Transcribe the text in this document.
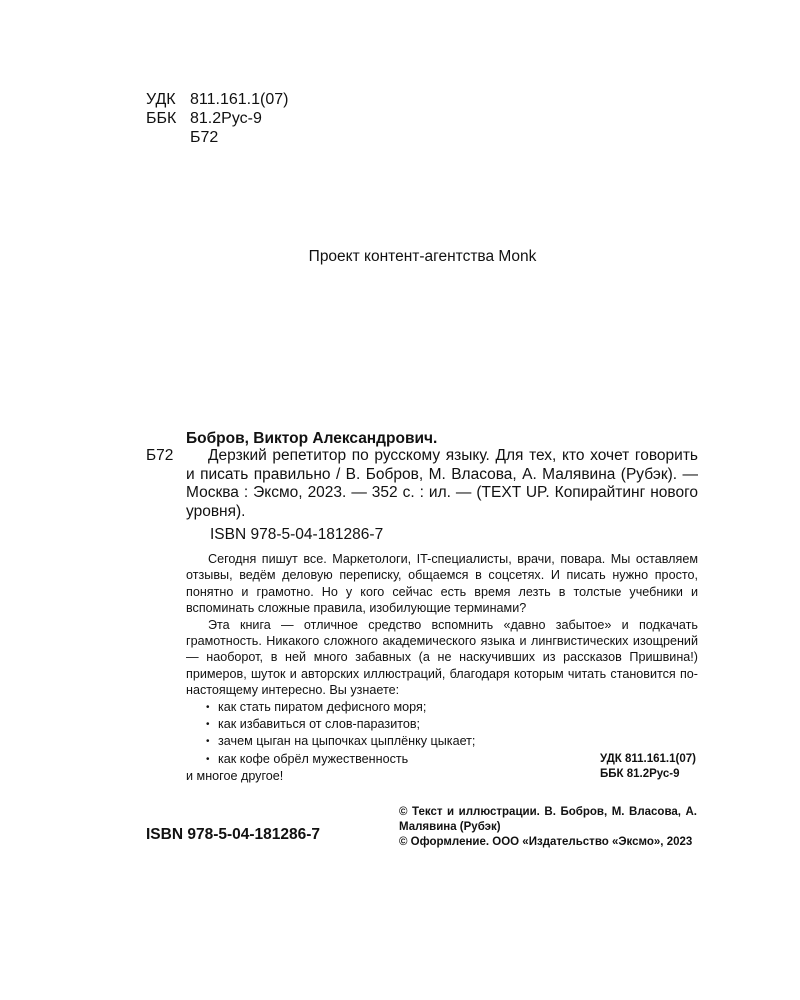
УДК 811.161.1(07)
ББК 81.2Рус-9
Б72
Проект контент-агентства Monk
Бобров, Виктор Александрович.
Б72	Дерзкий репетитор по русскому языку. Для тех, кто хочет говорить и писать правильно / В. Бобров, М. Власова, А. Малявина (Рубэк). — Москва : Эксмо, 2023. — 352 с. : ил. — (TEXT UP. Копирайтинг нового уровня).
ISBN 978-5-04-181286-7

Сегодня пишут все. Маркетологи, IT-специалисты, врачи, повара. Мы оставляем отзывы, ведём деловую переписку, общаемся в соцсетях. И писать нужно просто, понятно и грамотно. Но у кого сейчас есть время лезть в толстые учебники и вспоминать сложные правила, изобилующие терминами?

Эта книга — отличное средство вспомнить «давно забытое» и подкачать грамотность. Никакого сложного академического языка и лингвистических изощрений — наоборот, в ней много забавных (а не наскучивших из рассказов Пришвина!) примеров, шуток и авторских иллюстраций, благодаря которым читать становится по-настоящему интересно. Вы узнаете:

• как стать пиратом дефисного моря;
• как избавиться от слов-паразитов;
• зачем цыган на цыпочках цыплёнку цыкает;
• как кофе обрёл мужественность

и многое другое!

УДК 811.161.1(07)
ББК 81.2Рус-9
ISBN 978-5-04-181286-7

© Текст и иллюстрации. В. Бобров, М. Власова, А. Малявина (Рубэк)

© Оформление. ООО «Издательство «Эксмо», 2023
